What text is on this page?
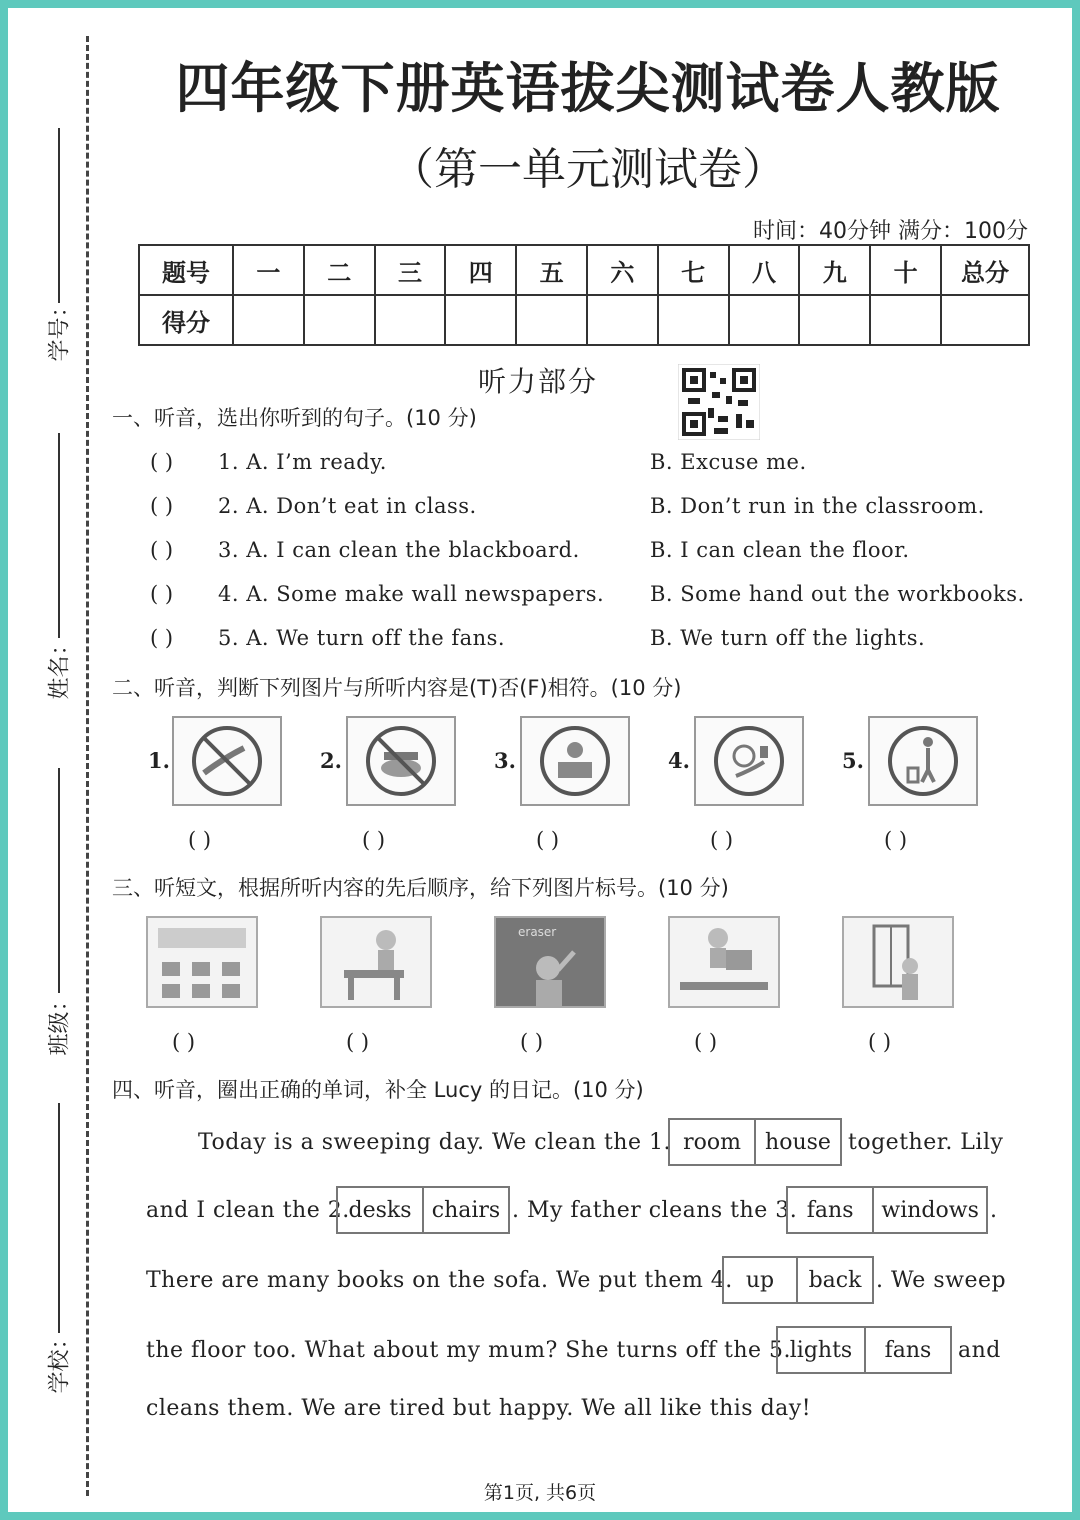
学号：
姓名：
班级：
学校：
四年级下册英语拔尖测试卷人教版
（第一单元测试卷）
时间：40分钟 满分：100分
题号	一	二	三	四	五	六	七	八	九	十	总分
得分											
听力部分
一、听音，选出你听到的句子。(10 分)
( ) 1. A. I’m ready.	B. Excuse me.
( ) 2. A. Don’t eat in class.	B. Don’t run in the classroom.
( ) 3. A. I can clean the blackboard.	B. I can clean the floor.
( ) 4. A. Some make wall newspapers. B. Some hand out the workbooks.
( ) 5. A. We turn off the fans.	B. We turn off the lights.
二、听音，判断下列图片与所听内容是(T)否(F)相符。(10 分)
1.
( )
2.
( )
3.
( )
4.
( )
5.
( )
三、听短文，根据所听内容的先后顺序，给下列图片标号。(10 分)
( )	( )
eraser
( )	( )	( )
四、听音，圈出正确的单词，补全 Lucy 的日记。(10 分)
Today is a sweeping day. We clean the 1. room	house together. Lily
and I clean the 2.
desks chairs . My father cleans the 3. fans	windows .
There are many books on the sofa. We put them 4. up	back . We sweep
the floor too. What about my mum? She turns off the 5.
lights	fans	and
cleans them. We are tired but happy. We all like this day!
第1页, 共6页
